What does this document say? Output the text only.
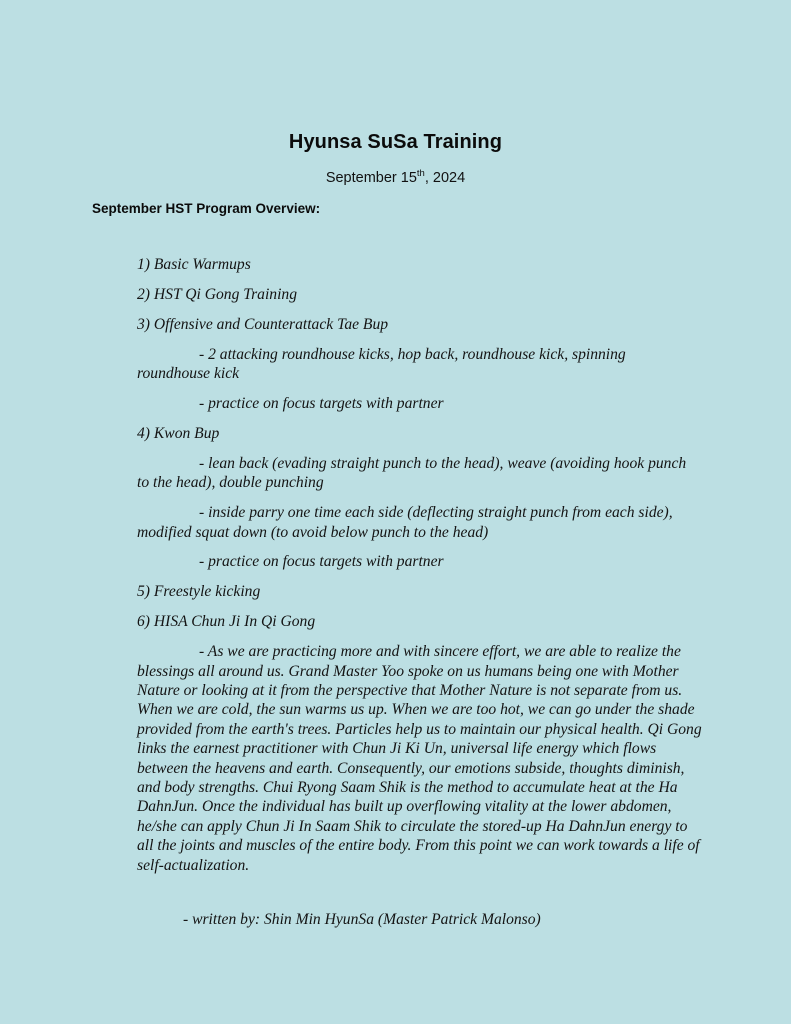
Hyunsa SuSa Training
September 15th, 2024
September HST Program Overview:

1) Basic Warmups

2) HST Qi Gong Training

3) Offensive and Counterattack Tae Bup

- 2 attacking roundhouse kicks, hop back, roundhouse kick, spinning roundhouse kick

- practice on focus targets with partner

4) Kwon Bup

- lean back (evading straight punch to the head), weave (avoiding hook punch to the head), double punching

- inside parry one time each side (deflecting straight punch from each side), modified squat down (to avoid below punch to the head)

- practice on focus targets with partner

5) Freestyle kicking

6) HISA Chun Ji In Qi Gong

- As we are practicing more and with sincere effort, we are able to realize the blessings all around us. Grand Master Yoo spoke on us humans being one with Mother Nature or looking at it from the perspective that Mother Nature is not separate from us. When we are cold, the sun warms us up. When we are too hot, we can go under the shade provided from the earth's trees. Particles help us to maintain our physical health. Qi Gong links the earnest practitioner with Chun Ji Ki Un, universal life energy which flows between the heavens and earth. Consequently, our emotions subside, thoughts diminish, and body strengths. Chui Ryong Saam Shik is the method to accumulate heat at the Ha DahnJun. Once the individual has built up overflowing vitality at the lower abdomen, he/she can apply Chun Ji In Saam Shik to circulate the stored-up Ha DahnJun energy to all the joints and muscles of the entire body. From this point we can work towards a life of self-actualization.

- written by: Shin Min HyunSa (Master Patrick Malonso)
